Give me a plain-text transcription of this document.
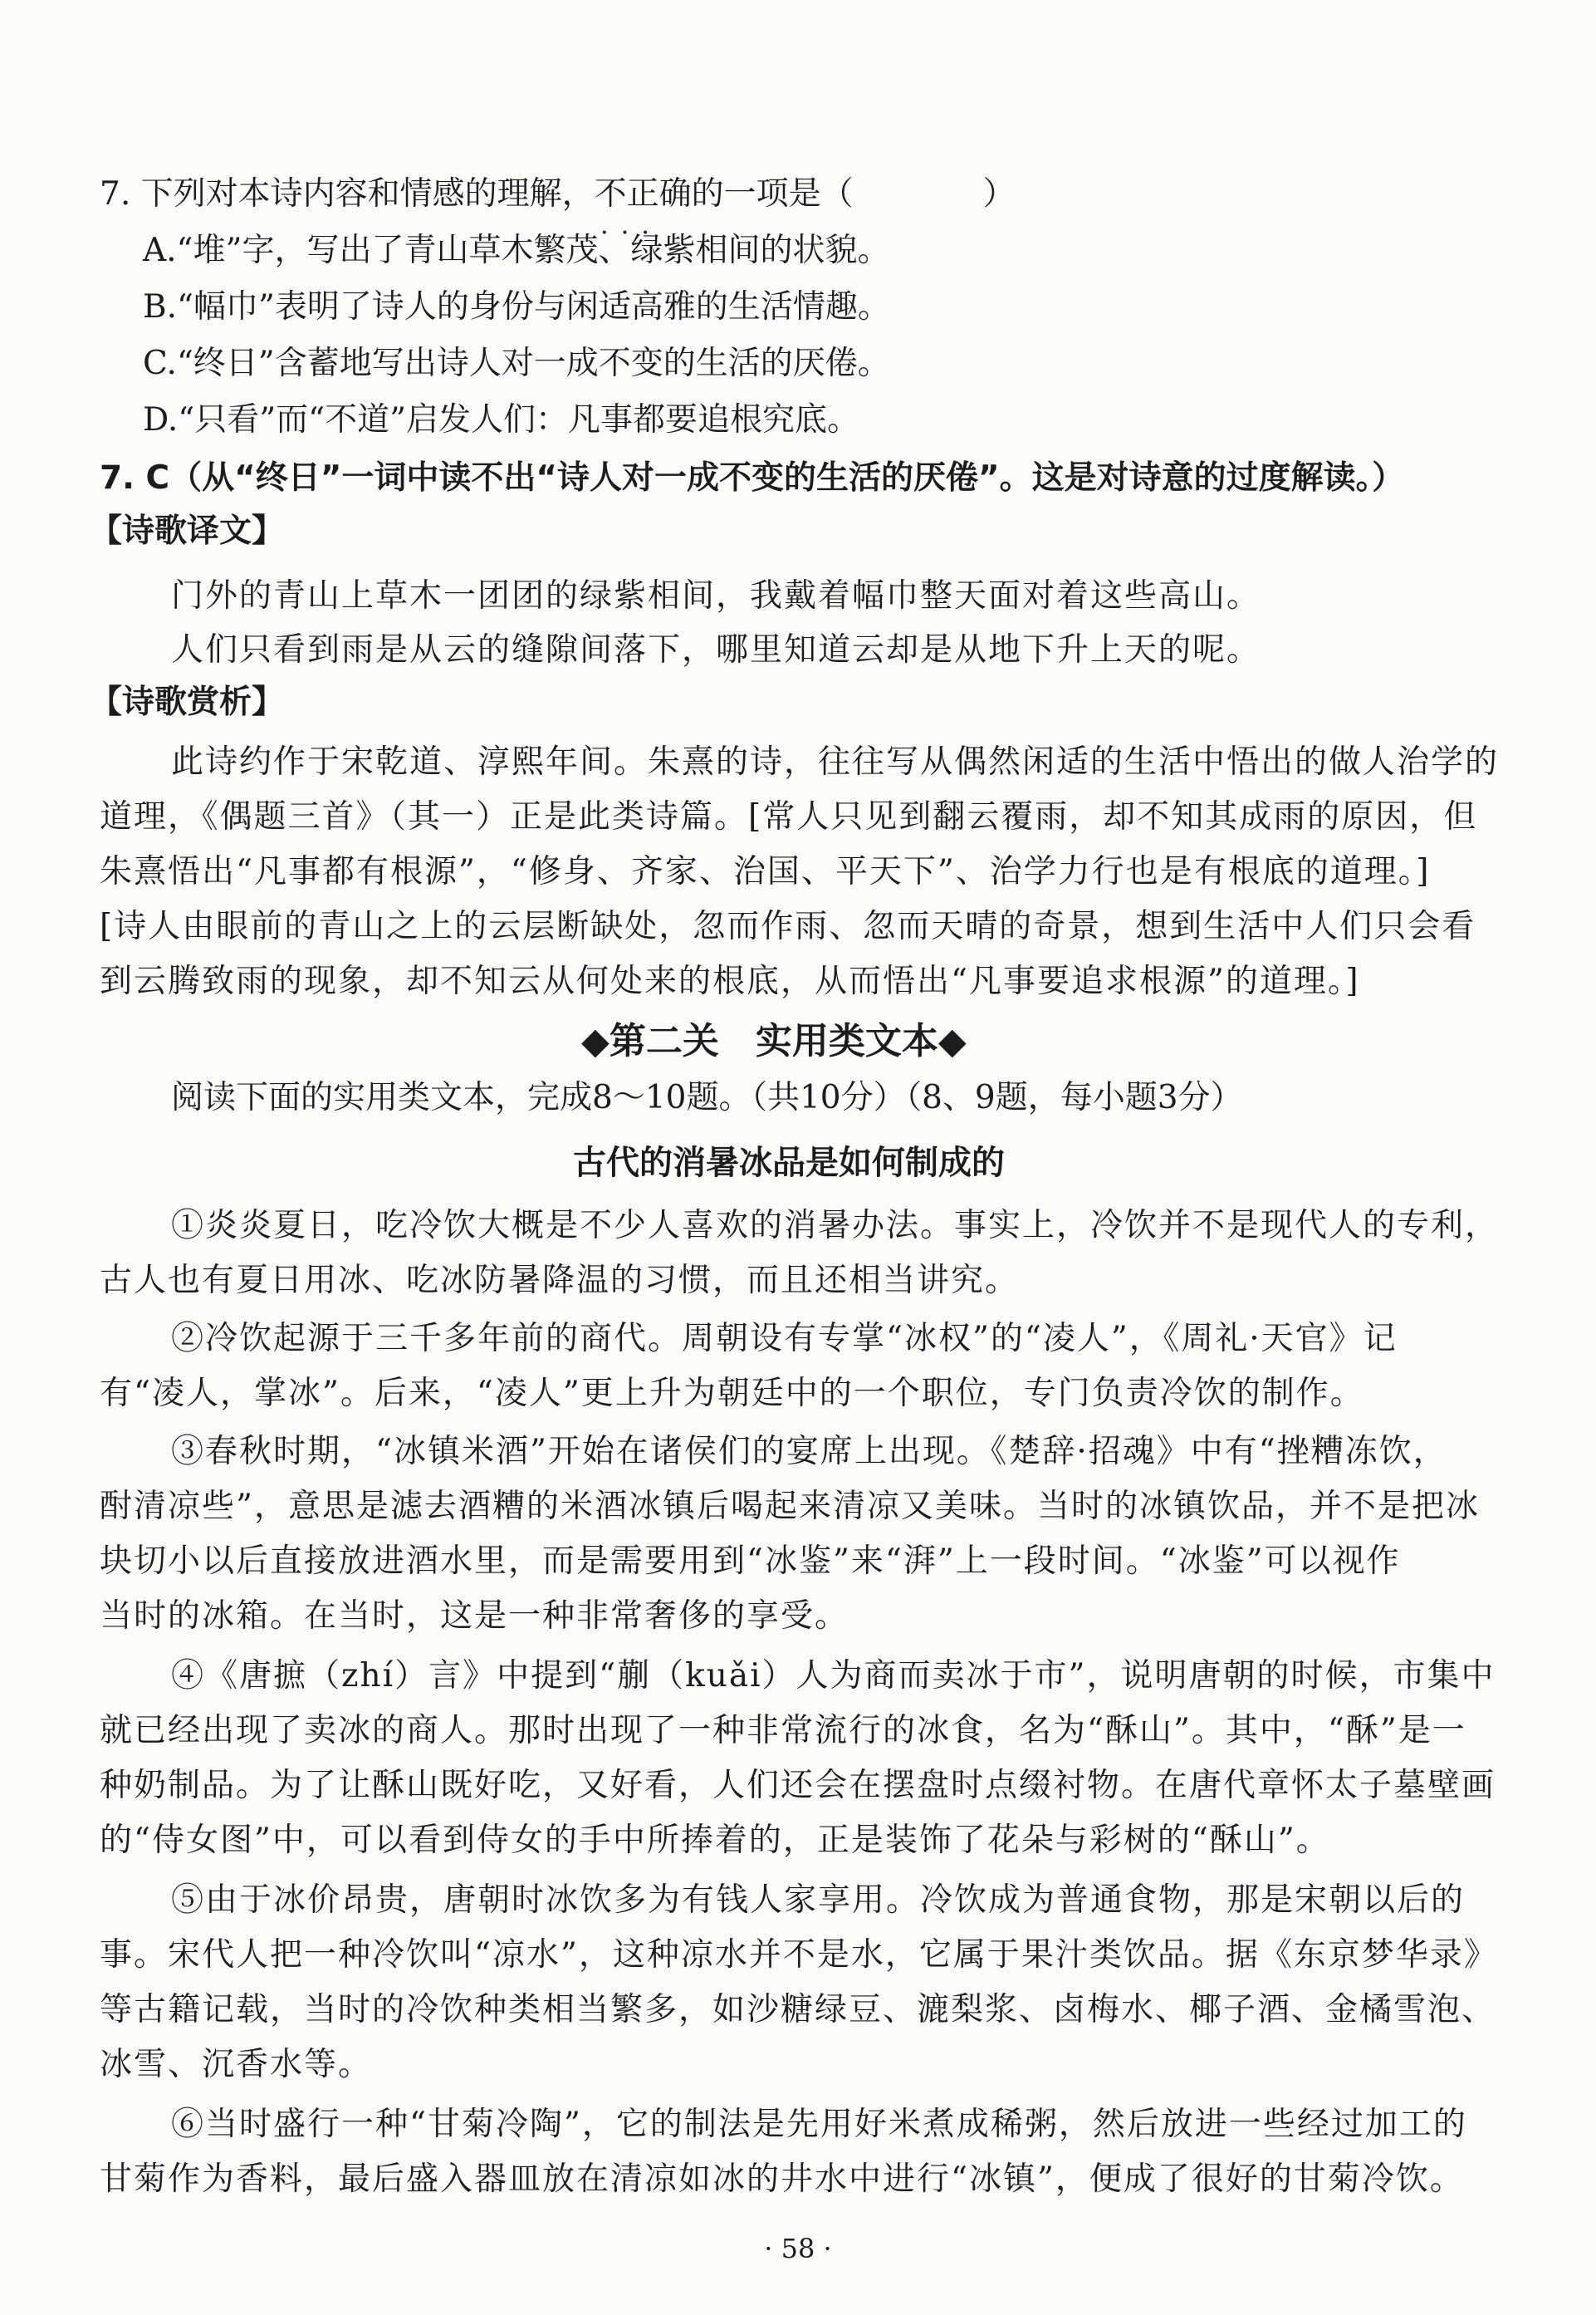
7. 下列对本诗内容和情感的理解，不正确 • • •的一项是（　　　　）
A.“堆”字，写出了青山草木繁茂、绿紫相间的状貌。
B.“幅巾”表明了诗人的身份与闲适高雅的生活情趣。
C.“终日”含蓄地写出诗人对一成不变的生活的厌倦。
D.“只看”而“不道”启发人们：凡事都要追根究底。
7. C（从“终日”一词中读不出“诗人对一成不变的生活的厌倦”。这是对诗意的过度解读。）
【诗歌译文】
门外的青山上草木一团团的绿紫相间，我戴着幅巾整天面对着这些高山。
人们只看到雨是从云的缝隙间落下，哪里知道云却是从地下升上天的呢。
【诗歌赏析】
此诗约作于宋乾道、淳熙年间。朱熹的诗，往往写从偶然闲适的生活中悟出的做人治学的
道理，《偶题三首》（其一）正是此类诗篇。[常人只见到翻云覆雨，却不知其成雨的原因，但
朱熹悟出“凡事都有根源”，“修身、齐家、治国、平天下”、治学力行也是有根底的道理。]
[诗人由眼前的青山之上的云层断缺处，忽而作雨、忽而天晴的奇景，想到生活中人们只会看
到云腾致雨的现象，却不知云从何处来的根底，从而悟出“凡事要追求根源”的道理。]
◆第二关　实用类文本◆
阅读下面的实用类文本，完成8～10题。（共10分）（8、9题，每小题3分）
古代的消暑冰品是如何制成的
①炎炎夏日，吃冷饮大概是不少人喜欢的消暑办法。事实上，冷饮并不是现代人的专利，
古人也有夏日用冰、吃冰防暑降温的习惯，而且还相当讲究。
②冷饮起源于三千多年前的商代。周朝设有专掌“冰权”的“凌人”，《周礼·天官》记
有“凌人，掌冰”。后来，“凌人”更上升为朝廷中的一个职位，专门负责冷饮的制作。
③春秋时期，“冰镇米酒”开始在诸侯们的宴席上出现。《楚辞·招魂》中有“挫糟冻饮，
酎清凉些”，意思是滤去酒糟的米酒冰镇后喝起来清凉又美味。当时的冰镇饮品，并不是把冰
块切小以后直接放进酒水里，而是需要用到“冰鉴”来“湃”上一段时间。“冰鉴”可以视作
当时的冰箱。在当时，这是一种非常奢侈的享受。
④《唐摭（zhí）言》中提到“蒯（kuǎi）人为商而卖冰于市”，说明唐朝的时候，市集中
就已经出现了卖冰的商人。那时出现了一种非常流行的冰食，名为“酥山”。其中，“酥”是一
种奶制品。为了让酥山既好吃，又好看，人们还会在摆盘时点缀衬物。在唐代章怀太子墓壁画
的“侍女图”中，可以看到侍女的手中所捧着的，正是装饰了花朵与彩树的“酥山”。
⑤由于冰价昂贵，唐朝时冰饮多为有钱人家享用。冷饮成为普通食物，那是宋朝以后的
事。宋代人把一种冷饮叫“凉水”，这种凉水并不是水，它属于果汁类饮品。据《东京梦华录》
等古籍记载，当时的冷饮种类相当繁多，如沙糖绿豆、漉梨浆、卤梅水、椰子酒、金橘雪泡、
冰雪、沉香水等。
⑥当时盛行一种“甘菊冷陶”，它的制法是先用好米煮成稀粥，然后放进一些经过加工的
甘菊作为香料，最后盛入器皿放在清凉如冰的井水中进行“冰镇”，便成了很好的甘菊冷饮。
· 58 ·
